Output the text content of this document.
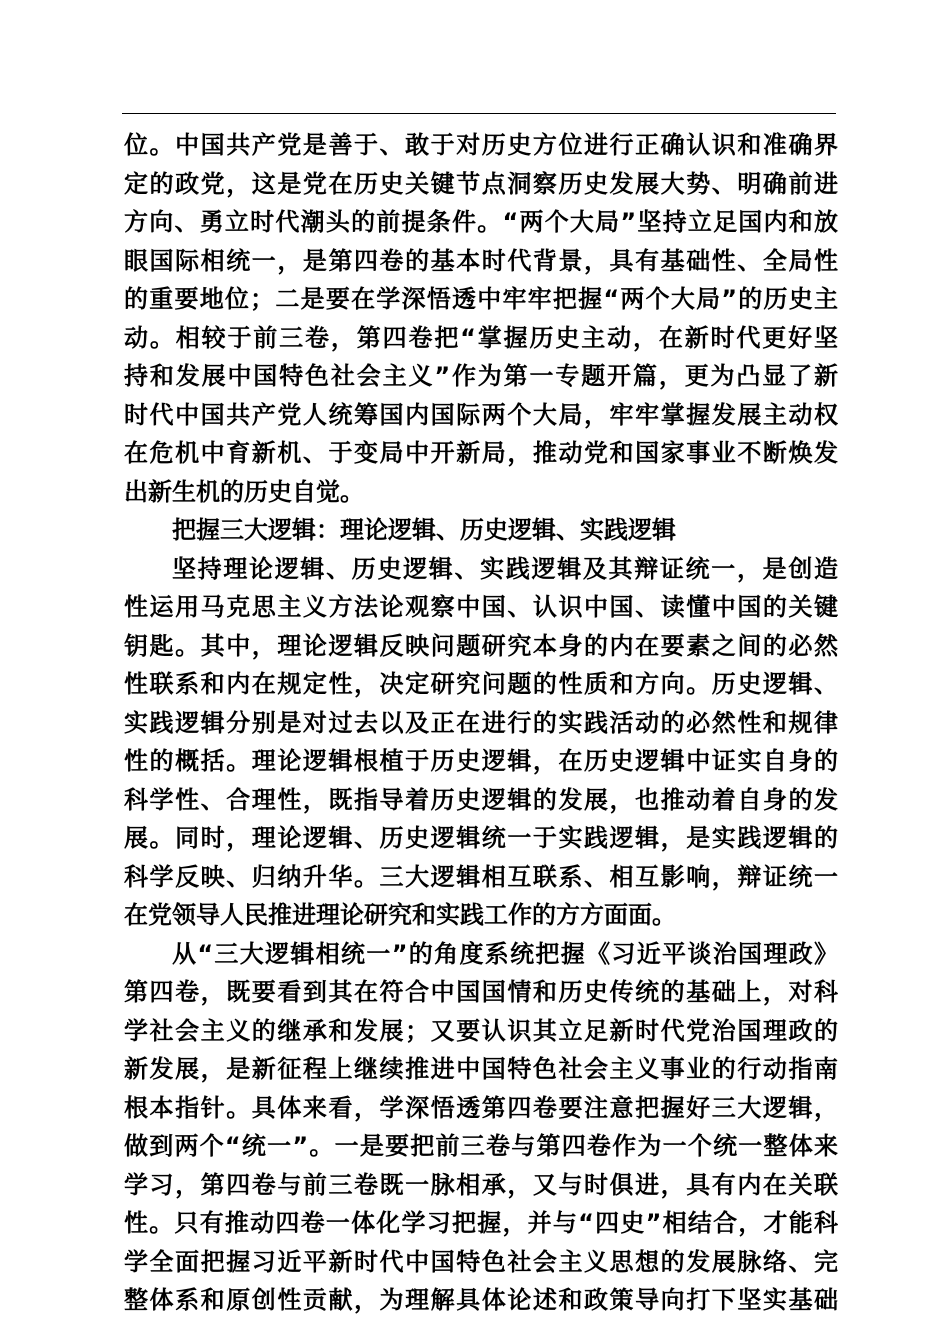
位。中国共产党是善于、敢于对历史方位进行正确认识和准确界
定的政党，这是党在历史关键节点洞察历史发展大势、明确前进
方向、勇立时代潮头的前提条件。“两个大局”坚持立足国内和放
眼国际相统一，是第四卷的基本时代背景，具有基础性、全局性
的重要地位；二是要在学深悟透中牢牢把握“两个大局”的历史主
动。相较于前三卷，第四卷把“掌握历史主动，在新时代更好坚
持和发展中国特色社会主义”作为第一专题开篇，更为凸显了新
时代中国共产党人统筹国内国际两个大局，牢牢掌握发展主动权
在危机中育新机、于变局中开新局，推动党和国家事业不断焕发
出新生机的历史自觉。
把握三大逻辑：理论逻辑、历史逻辑、实践逻辑
坚持理论逻辑、历史逻辑、实践逻辑及其辩证统一，是创造
性运用马克思主义方法论观察中国、认识中国、读懂中国的关键
钥匙。其中，理论逻辑反映问题研究本身的内在要素之间的必然
性联系和内在规定性，决定研究问题的性质和方向。历史逻辑、
实践逻辑分别是对过去以及正在进行的实践活动的必然性和规律
性的概括。理论逻辑根植于历史逻辑，在历史逻辑中证实自身的
科学性、合理性，既指导着历史逻辑的发展，也推动着自身的发
展。同时，理论逻辑、历史逻辑统一于实践逻辑，是实践逻辑的
科学反映、归纳升华。三大逻辑相互联系、相互影响，辩证统一
在党领导人民推进理论研究和实践工作的方方面面。
从“三大逻辑相统一”的角度系统把握《习近平谈治国理政》
第四卷，既要看到其在符合中国国情和历史传统的基础上，对科
学社会主义的继承和发展；又要认识其立足新时代党治国理政的
新发展，是新征程上继续推进中国特色社会主义事业的行动指南
根本指针。具体来看，学深悟透第四卷要注意把握好三大逻辑，
做到两个“统一”。一是要把前三卷与第四卷作为一个统一整体来
学习，第四卷与前三卷既一脉相承，又与时俱进，具有内在关联
性。只有推动四卷一体化学习把握，并与“四史”相结合，才能科
学全面把握习近平新时代中国特色社会主义思想的发展脉络、完
整体系和原创性贡献，为理解具体论述和政策导向打下坚实基础
